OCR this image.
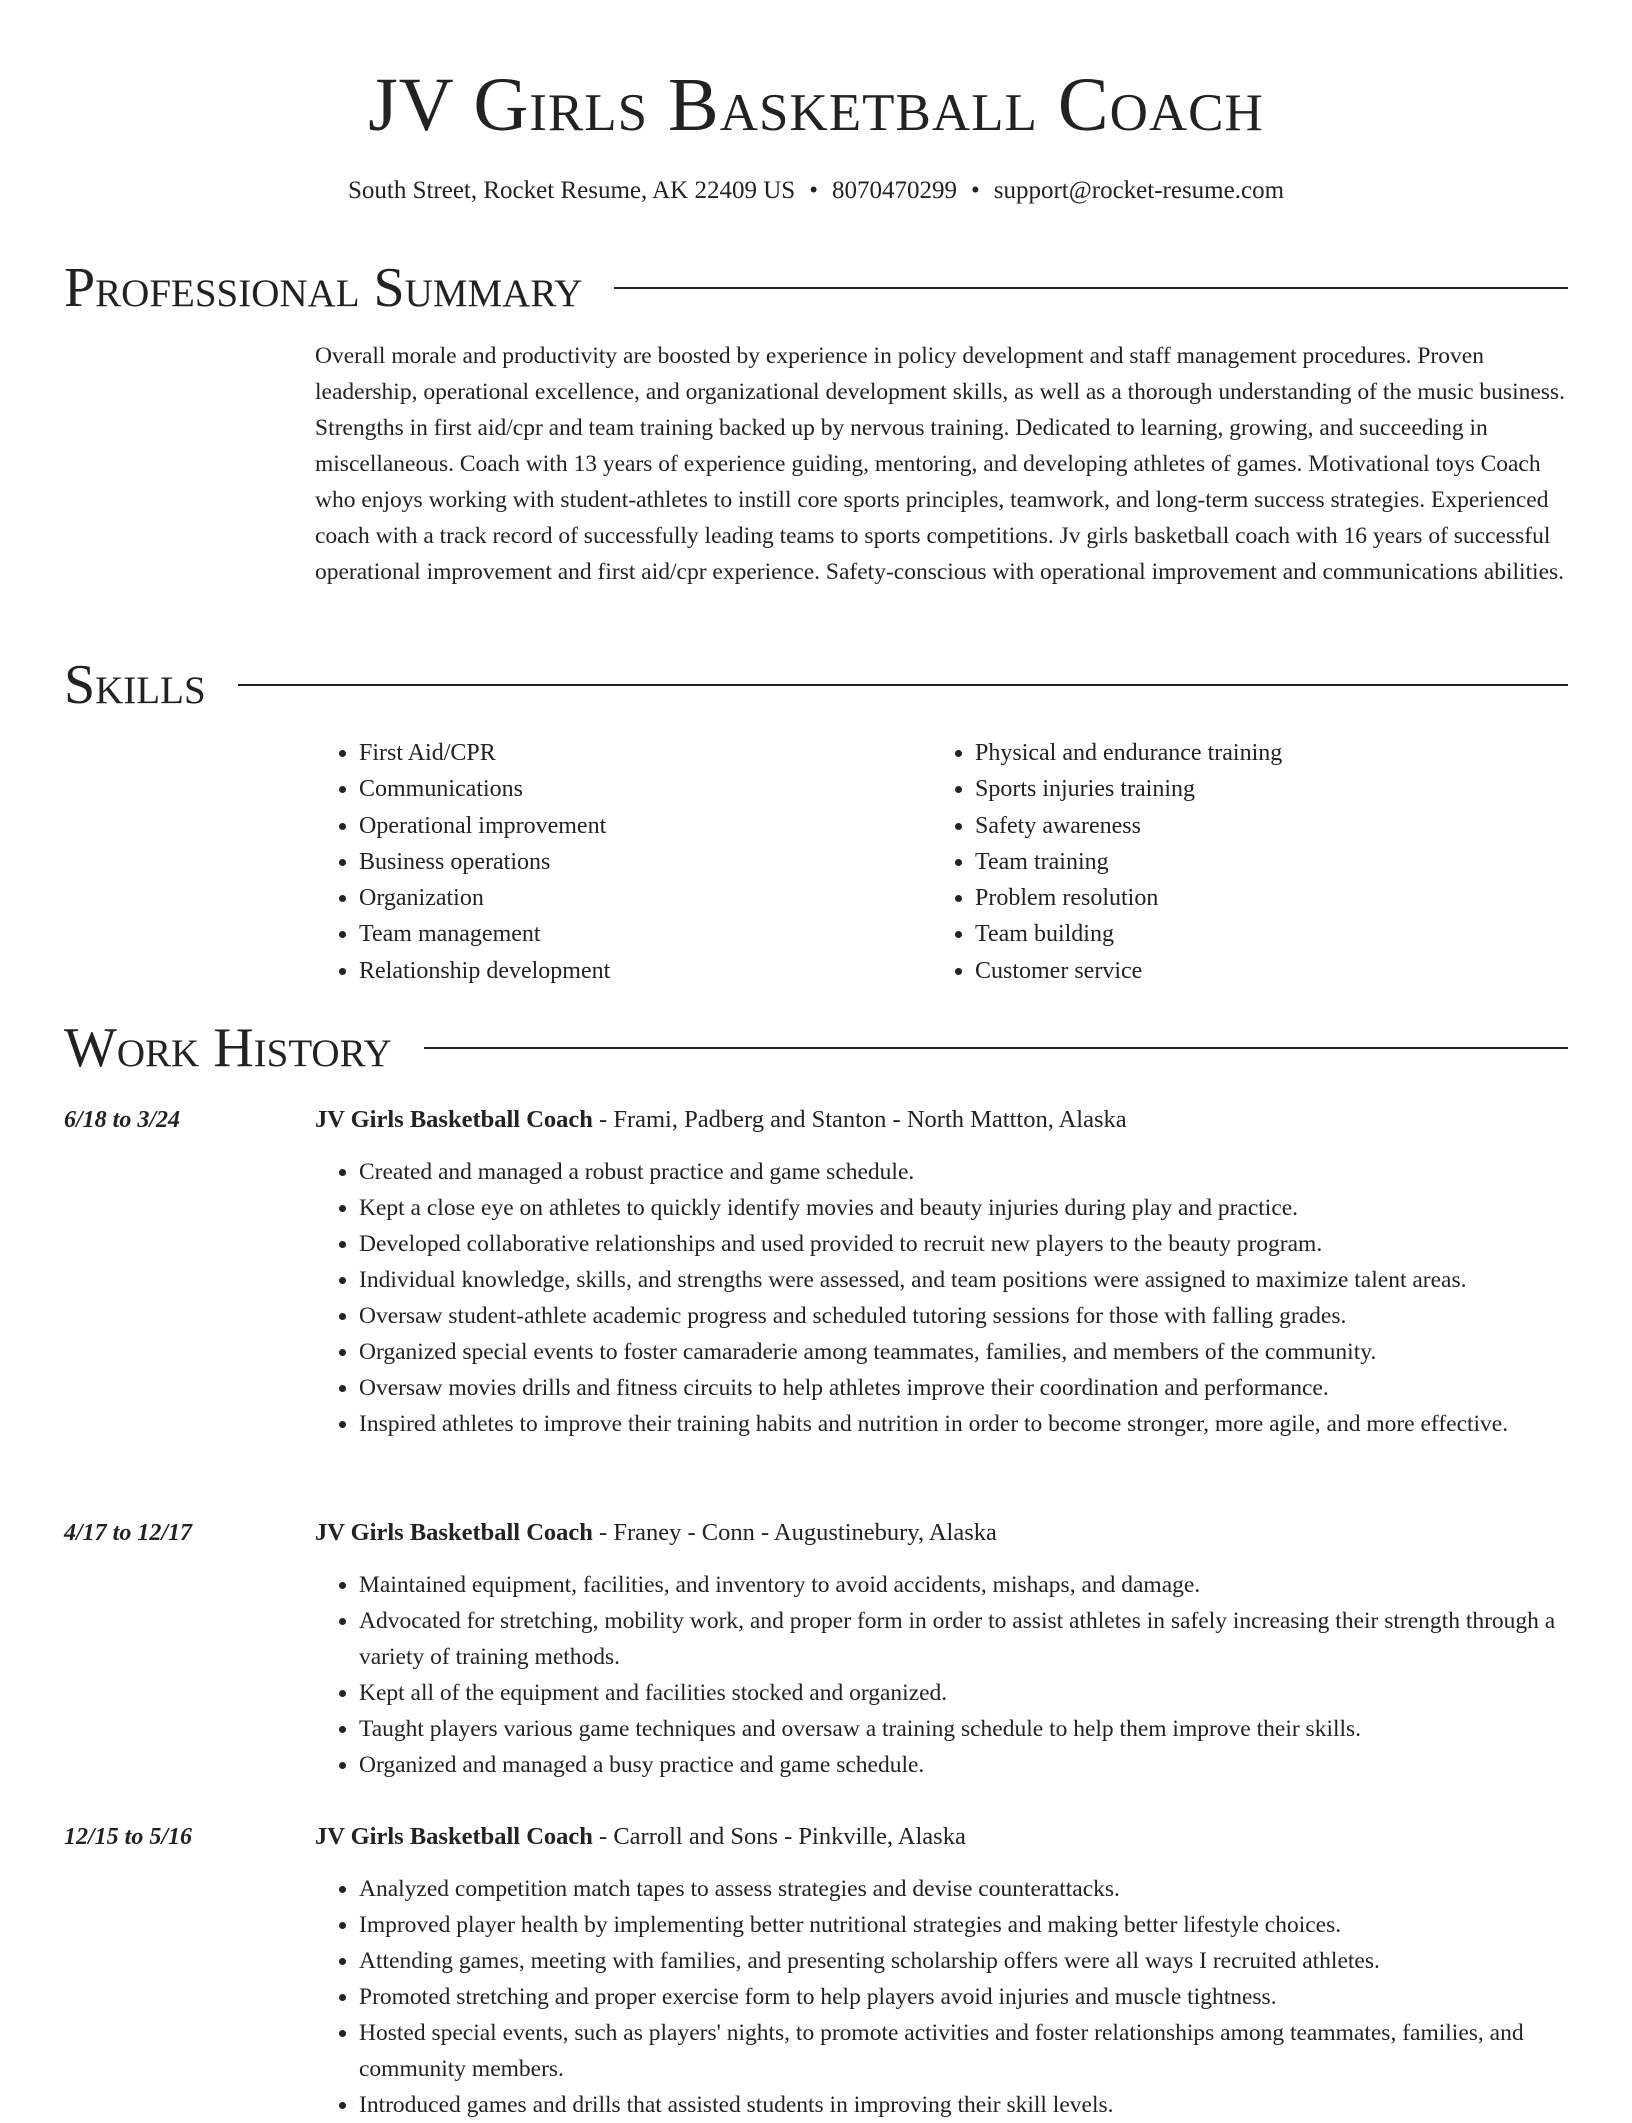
JV Girls Basketball Coach
South Street, Rocket Resume, AK 22409 US • 8070470299 • support@rocket-resume.com
Professional Summary

Overall morale and productivity are boosted by experience in policy development and staff management procedures. Proven leadership, operational excellence, and organizational development skills, as well as a thorough understanding of the music business. Strengths in first aid/cpr and team training backed up by nervous training. Dedicated to learning, growing, and succeeding in miscellaneous. Coach with 13 years of experience guiding, mentoring, and developing athletes of games. Motivational toys Coach who enjoys working with student-athletes to instill core sports principles, teamwork, and long-term success strategies. Experienced coach with a track record of successfully leading teams to sports competitions. Jv girls basketball coach with 16 years of successful operational improvement and first aid/cpr experience. Safety-conscious with operational improvement and communications abilities.

Skills
• First Aid/CPR
• Communications
• Operational improvement
• Business operations
• Organization
• Team management
• Relationship development
• Physical and endurance training
• Sports injuries training
• Safety awareness
• Team training
• Problem resolution
• Team building
• Customer service
Work History
6/18 to 3/24	JV Girls Basketball Coach - Frami, Padberg and Stanton - North Mattton, Alaska
• Created and managed a robust practice and game schedule.
• Kept a close eye on athletes to quickly identify movies and beauty injuries during play and practice.
• Developed collaborative relationships and used provided to recruit new players to the beauty program.
• Individual knowledge, skills, and strengths were assessed, and team positions were assigned to maximize talent areas.
• Oversaw student-athlete academic progress and scheduled tutoring sessions for those with falling grades.
• Organized special events to foster camaraderie among teammates, families, and members of the community.
• Oversaw movies drills and fitness circuits to help athletes improve their coordination and performance.
• Inspired athletes to improve their training habits and nutrition in order to become stronger, more agile, and more effective.
4/17 to 12/17	JV Girls Basketball Coach - Franey - Conn - Augustinebury, Alaska
• Maintained equipment, facilities, and inventory to avoid accidents, mishaps, and damage.
• Advocated for stretching, mobility work, and proper form in order to assist athletes in safely increasing their strength through a variety of training methods.
• Kept all of the equipment and facilities stocked and organized.
• Taught players various game techniques and oversaw a training schedule to help them improve their skills.
• Organized and managed a busy practice and game schedule.
12/15 to 5/16	JV Girls Basketball Coach - Carroll and Sons - Pinkville, Alaska
• Analyzed competition match tapes to assess strategies and devise counterattacks.
• Improved player health by implementing better nutritional strategies and making better lifestyle choices.
• Attending games, meeting with families, and presenting scholarship offers were all ways I recruited athletes.
• Promoted stretching and proper exercise form to help players avoid injuries and muscle tightness.
• Hosted special events, such as players' nights, to promote activities and foster relationships among teammates, families, and community members.
• Introduced games and drills that assisted students in improving their skill levels.
